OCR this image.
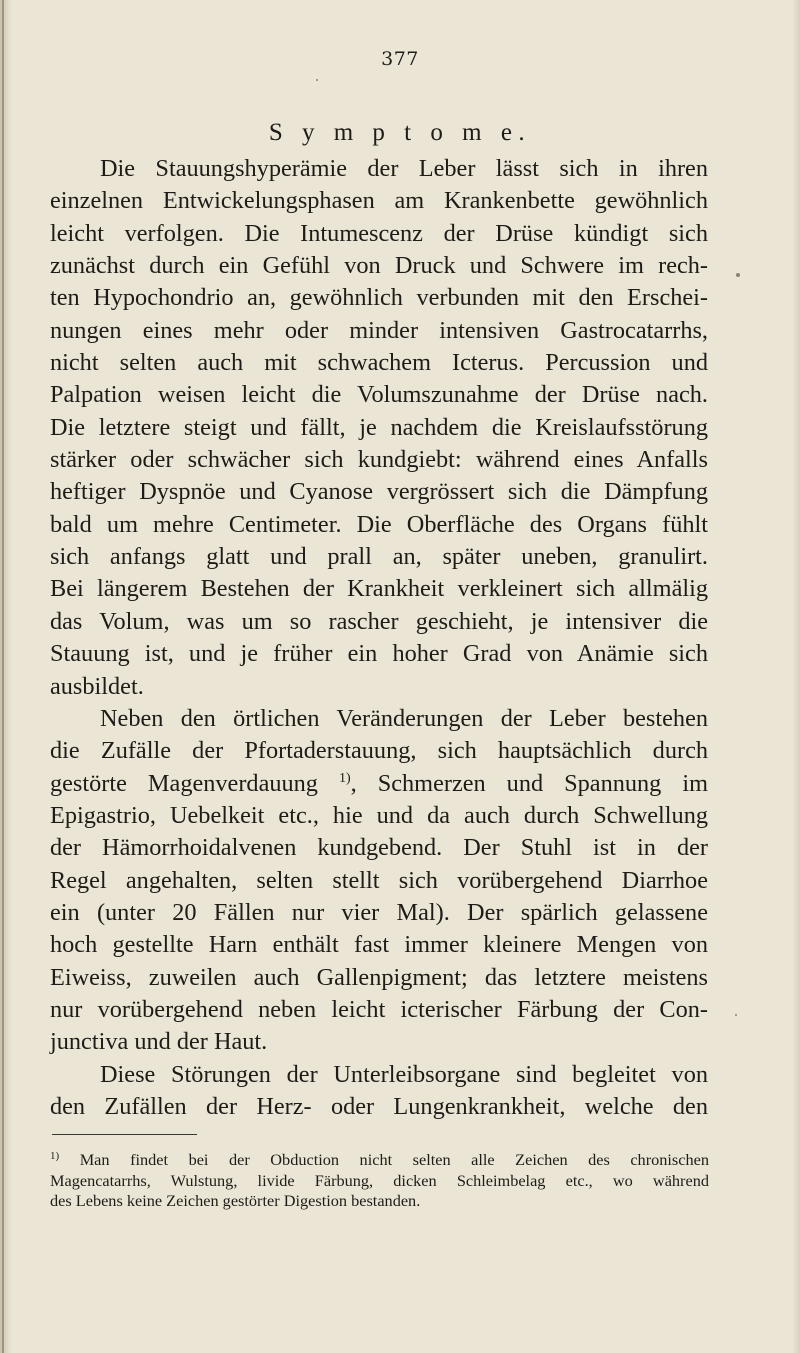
377
S y m p t o m e.

Die Stauungshyperämie der Leber lässt sich in ihren
einzelnen Entwickelungsphasen am Krankenbette gewöhnlich
leicht verfolgen. Die Intumescenz der Drüse kündigt sich
zunächst durch ein Gefühl von Druck und Schwere im rech-
ten Hypochondrio an, gewöhnlich verbunden mit den Erschei-
nungen eines mehr oder minder intensiven Gastrocatarrhs,
nicht selten auch mit schwachem Icterus. Percussion und
Palpation weisen leicht die Volumszunahme der Drüse nach.
Die letztere steigt und fällt, je nachdem die Kreislaufsstörung
stärker oder schwächer sich kundgiebt: während eines Anfalls
heftiger Dyspnöe und Cyanose vergrössert sich die Dämpfung
bald um mehre Centimeter. Die Oberfläche des Organs fühlt
sich anfangs glatt und prall an, später uneben, granulirt.
Bei längerem Bestehen der Krankheit verkleinert sich allmälig
das Volum, was um so rascher geschieht, je intensiver die
Stauung ist, und je früher ein hoher Grad von Anämie sich
ausbildet.

Neben den örtlichen Veränderungen der Leber bestehen
die Zufälle der Pfortaderstauung, sich hauptsächlich durch
gestörte Magenverdauung $^{1)}$, Schmerzen und Spannung im
Epigastrio, Uebelkeit etc., hie und da auch durch Schwellung
der Hämorrhoidalvenen kundgebend. Der Stuhl ist in der
Regel angehalten, selten stellt sich vorübergehend Diarrhoe
ein (unter 20 Fällen nur vier Mal). Der spärlich gelassene
hoch gestellte Harn enthält fast immer kleinere Mengen von
Eiweiss, zuweilen auch Gallenpigment; das letztere meistens
nur vorübergehend neben leicht icterischer Färbung der Con-
junctiva und der Haut.

Diese Störungen der Unterleibsorgane sind begleitet von
den Zufällen der Herz- oder Lungenkrankheit, welche den

$^{1)}$ Man findet bei der Obduction nicht selten alle Zeichen des chronischen
Magencatarrhs, Wulstung, livide Färbung, dicken Schleimbelag etc., wo während
des Lebens keine Zeichen gestörter Digestion bestanden.
